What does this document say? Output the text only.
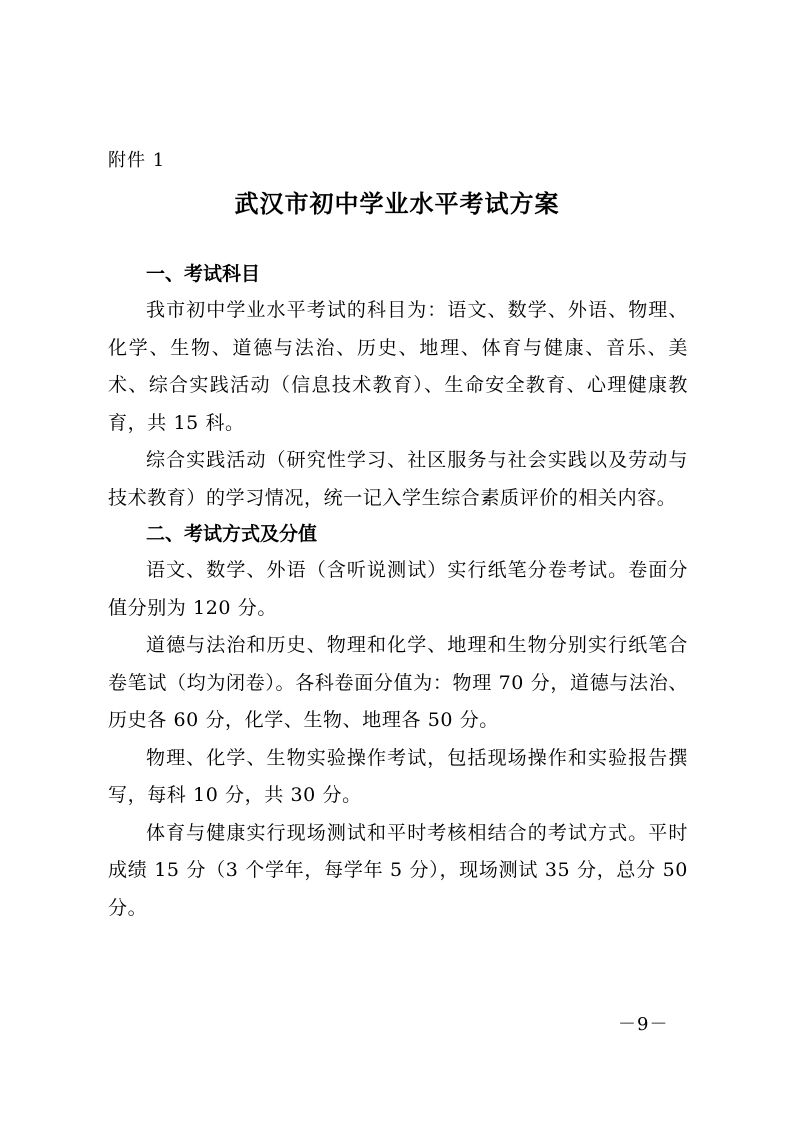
附件 1
武汉市初中学业水平考试方案
一、考试科目

我市初中学业水平考试的科目为：语文、数学、外语、物理、化学、生物、道德与法治、历史、地理、体育与健康、音乐、美术、综合实践活动（信息技术教育）、生命安全教育、心理健康教育，共 15 科。

综合实践活动（研究性学习、社区服务与社会实践以及劳动与技术教育）的学习情况，统一记入学生综合素质评价的相关内容。

二、考试方式及分值

语文、数学、外语（含听说测试）实行纸笔分卷考试。卷面分值分别为 120 分。

道德与法治和历史、物理和化学、地理和生物分别实行纸笔合卷笔试（均为闭卷）。各科卷面分值为：物理 70 分，道德与法治、历史各 60 分，化学、生物、地理各 50 分。

物理、化学、生物实验操作考试，包括现场操作和实验报告撰写，每科 10 分，共 30 分。

体育与健康实行现场测试和平时考核相结合的考试方式。平时成绩 15 分（3 个学年，每学年 5 分），现场测试 35 分，总分 50 分。

－9－
